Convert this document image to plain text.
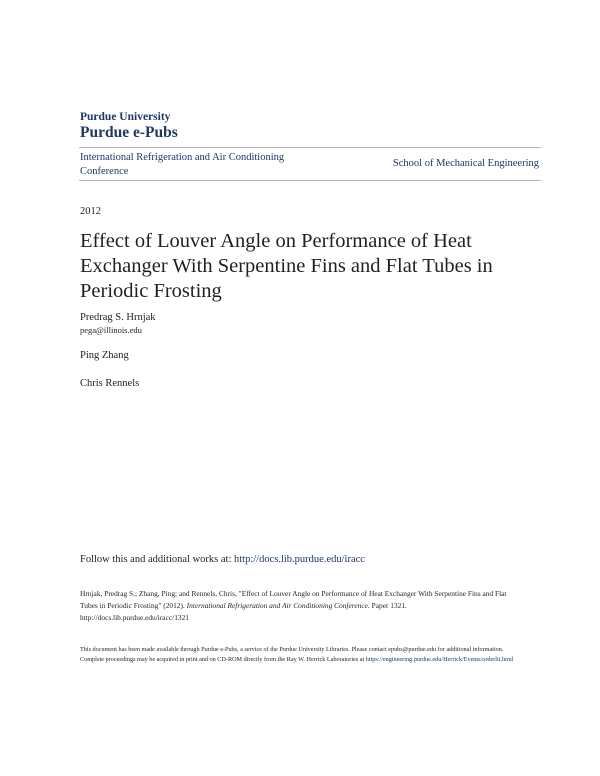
Purdue University
Purdue e-Pubs
International Refrigeration and Air Conditioning Conference
School of Mechanical Engineering
2012
Effect of Louver Angle on Performance of Heat Exchanger With Serpentine Fins and Flat Tubes in Periodic Frosting
Predrag S. Hrnjak
pega@illinois.edu
Ping Zhang
Chris Rennels
Follow this and additional works at: http://docs.lib.purdue.edu/iracc
Hrnjak, Predrag S.; Zhang, Ping; and Rennels, Chris, "Effect of Louver Angle on Performance of Heat Exchanger With Serpentine Fins and Flat Tubes in Periodic Frosting" (2012). International Refrigeration and Air Conditioning Conference. Paper 1321.
http://docs.lib.purdue.edu/iracc/1321
This document has been made available through Purdue e-Pubs, a service of the Purdue University Libraries. Please contact epubs@purdue.edu for additional information.
Complete proceedings may be acquired in print and on CD-ROM directly from the Ray W. Herrick Laboratories at https://engineering.purdue.edu/Herrick/Events/orderlit.html
